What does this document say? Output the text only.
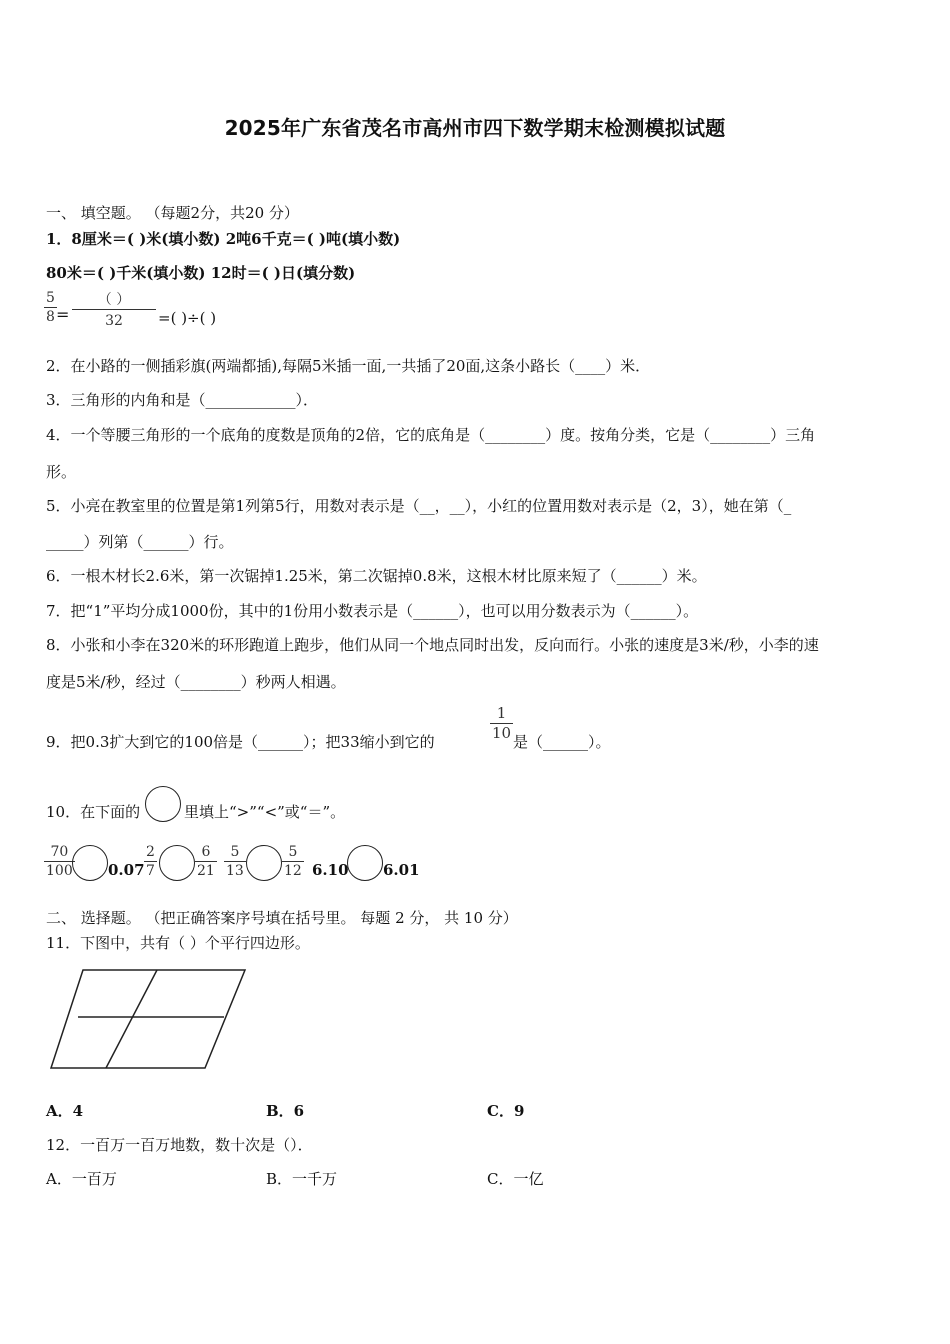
2025年广东省茂名市高州市四下数学期末检测模拟试题
一、 填空题。 （每题2分，共20 分）
1．8厘米＝( )米(填小数) 2吨6千克＝( )吨(填小数)
80米＝( )千米(填小数) 12时＝( )日(填分数)
$\frac{5}{8}$ =
（ ）
32	=( )÷( )
2．在小路的一侧插彩旗(两端都插),每隔5米插一面,一共插了20面,这条小路长（____）米．
3．三角形的内角和是（____________）．
4．一个等腰三角形的一个底角的度数是顶角的2倍，它的底角是（________）度。按角分类，它是（________）三角
形。
5．小亮在教室里的位置是第1列第5行，用数对表示是（__，__），小红的位置用数对表示是（2，3），她在第（_
_____）列第（______）行。
6．一根木材长2.6米，第一次锯掉1.25米，第二次锯掉0.8米，这根木材比原来短了（______）米。
7．把“1”平均分成1000份，其中的1份用小数表示是（______），也可以用分数表示为（______）。
8．小张和小李在320米的环形跑道上跑步，他们从同一个地点同时出发，反向而行。小张的速度是3米/秒，小李的速
度是5米/秒，经过（________）秒两人相遇。
9．把0.3扩大到它的100倍是（______）；把33缩小到它的
$\frac{1}{10}$
是（______）。
10．在下面的	里填上“>”“<”或“＝”。
$\frac{70}{100} 0.07 \frac{2}{7}$	$\frac{6}{21} \frac{5}{13}$	$\frac{5}{12} 6.10$ 6.01
二、 选择题。 （把正确答案序号填在括号里。 每题 2 分， 共 10 分）
11．下图中，共有（ ）个平行四边形。
A．4	B．6	C．9
12．一百万一百万地数，数十次是（）．
A．一百万	B．一千万	C．一亿
